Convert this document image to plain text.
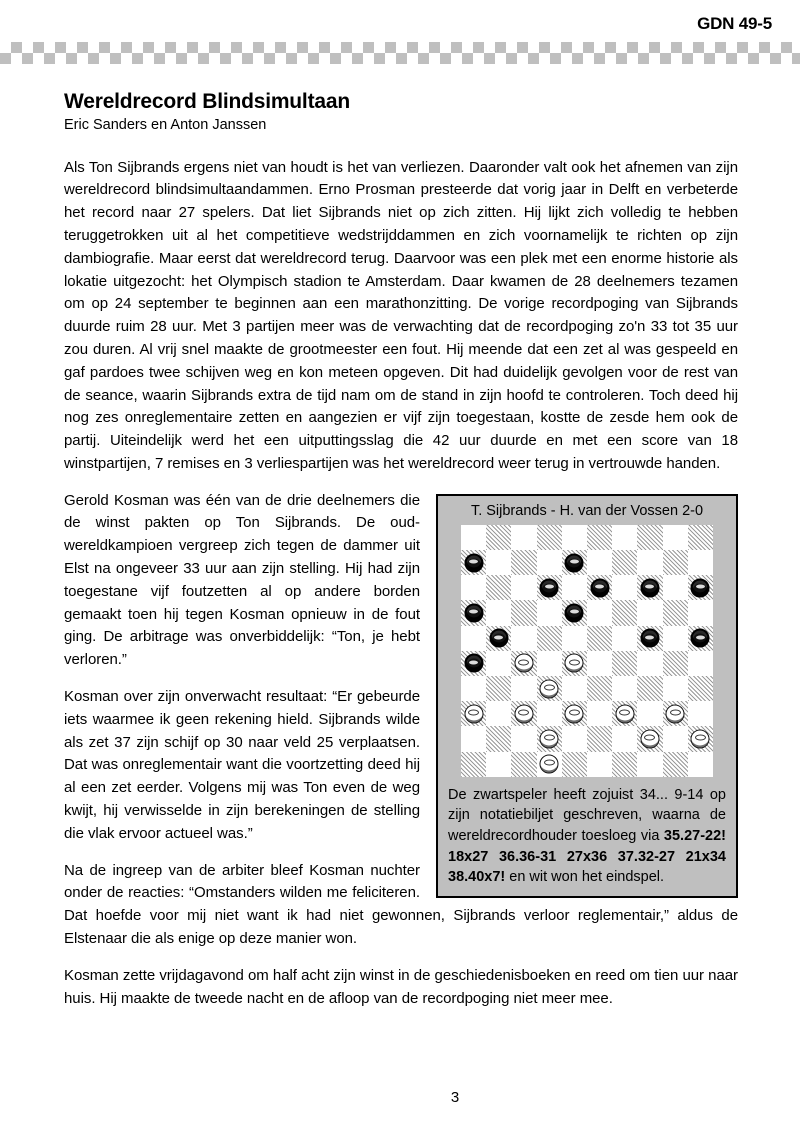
GDN 49-5
Wereldrecord Blindsimultaan
Eric Sanders en Anton Janssen

Als Ton Sijbrands ergens niet van houdt is het van verliezen. Daaronder valt ook het afnemen van zijn wereldrecord blindsimultaandammen. Erno Prosman presteerde dat vorig jaar in Delft en verbeterde het record naar 27 spelers. Dat liet Sijbrands niet op zich zitten. Hij lijkt zich volledig te hebben teruggetrokken uit al het competitieve wedstrijddammen en zich voornamelijk te richten op zijn dambiografie. Maar eerst dat wereldrecord terug. Daarvoor was een plek met een enorme historie als lokatie uitgezocht: het Olympisch stadion te Amsterdam. Daar kwamen de 28 deelnemers tezamen om op 24 september te beginnen aan een marathonzitting. De vorige recordpoging van Sijbrands duurde ruim 28 uur. Met 3 partijen meer was de verwachting dat de recordpoging zo'n 33 tot 35 uur zou duren. Al vrij snel maakte de grootmeester een fout. Hij meende dat een zet al was gespeeld en gaf pardoes twee schijven weg en kon meteen opgeven. Dit had duidelijk gevolgen voor de rest van de seance, waarin Sijbrands extra de tijd nam om de stand in zijn hoofd te controleren. Toch deed hij nog zes onreglementaire zetten en aangezien er vijf zijn toegestaan, kostte de zesde hem ook de partij. Uiteindelijk werd het een uitputtingsslag die 42 uur duurde en met een score van 18 winstpartijen, 7 remises en 3 verliespartijen was het wereldrecord weer terug in vertrouwde handen.

T. Sijbrands - H. van der Vossen 2-0
De zwartspeler heeft zojuist 34... 9-14 op zijn notatiebiljet geschreven, waarna de wereldrecordhouder toesloeg via 35.27-22! 18x27 36.36-31 27x36 37.32-27 21x34 38.40x7! en wit won het eindspel.

Gerold Kosman was één van de drie deelnemers die de winst pakten op Ton Sijbrands. De oud-wereldkampioen vergreep zich tegen de dammer uit Elst na ongeveer 33 uur aan zijn stelling. Hij had zijn toegestane vijf foutzetten al op andere borden gemaakt toen hij tegen Kosman opnieuw in de fout ging. De arbitrage was onverbiddelijk: “Ton, je hebt verloren.”

Kosman over zijn onverwacht resultaat: “Er gebeurde iets waarmee ik geen rekening hield. Sijbrands wilde als zet 37 zijn schijf op 30 naar veld 25 verplaatsen. Dat was onreglementair want die voortzetting deed hij al een zet eerder. Volgens mij was Ton even de weg kwijt, hij verwisselde in zijn berekeningen de stelling die vlak ervoor actueel was.”

Na de ingreep van de arbiter bleef Kosman nuchter onder de reacties: “Omstanders wilden me feliciteren. Dat hoefde voor mij niet want ik had niet gewonnen, Sijbrands verloor reglementair,” aldus de Elstenaar die als enige op deze manier won.

Kosman zette vrijdagavond om half acht zijn winst in de geschiedenisboeken en reed om tien uur naar huis. Hij maakte de tweede nacht en de afloop van de recordpoging niet meer mee.

3
